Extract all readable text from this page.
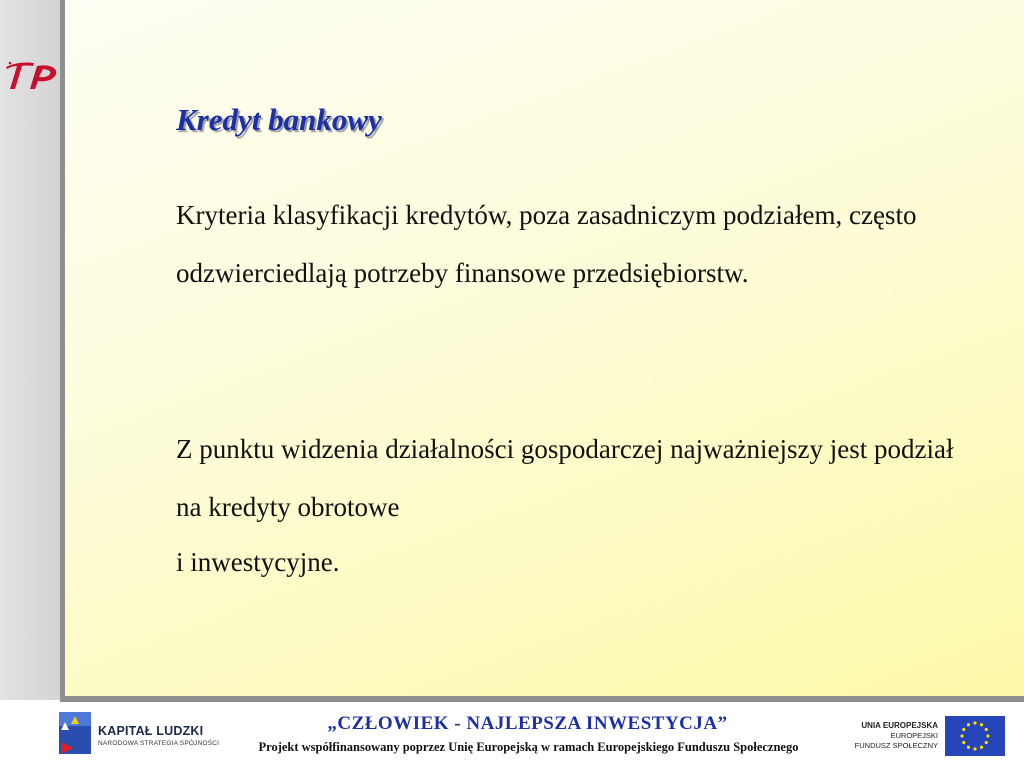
Kredyt bankowy

Kryteria klasyfikacji kredytów, poza zasadniczym podziałem, często odzwierciedlają potrzeby finansowe przedsiębiorstw.

Z punktu widzenia działalności gospodarczej najważniejszy jest podział na kredyty obrotowe
i inwestycyjne.

KAPITAŁ LUDZKI
NARODOWA STRATEGIA SPÓJNOŚCI
„CZŁOWIEK - NAJLEPSZA INWESTYCJA”
Projekt współfinansowany poprzez Unię Europejską w ramach Europejskiego Funduszu Społecznego
UNIA EUROPEJSKA
EUROPEJSKI
FUNDUSZ SPOŁECZNY
